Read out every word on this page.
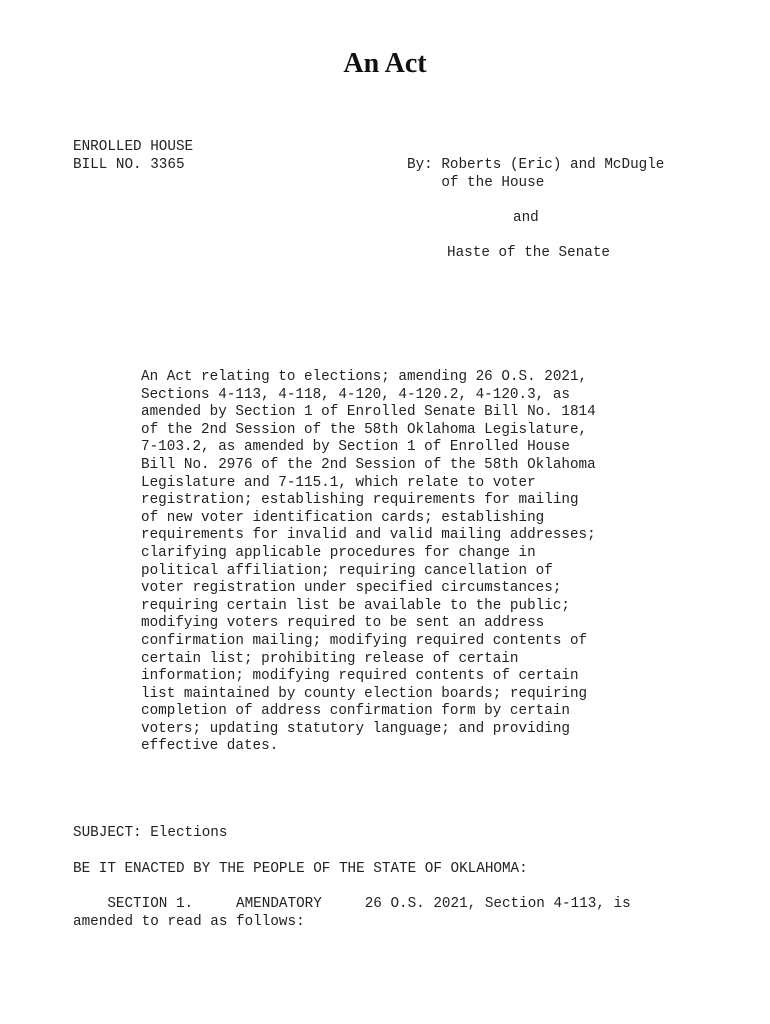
An Act
ENROLLED HOUSE
BILL NO. 3365	By: Roberts (Eric) and McDugle
of the House
and
Haste of the Senate
An Act relating to elections; amending 26 O.S. 2021,
Sections 4-113, 4-118, 4-120, 4-120.2, 4-120.3, as
amended by Section 1 of Enrolled Senate Bill No. 1814
of the 2nd Session of the 58th Oklahoma Legislature,
7-103.2, as amended by Section 1 of Enrolled House
Bill No. 2976 of the 2nd Session of the 58th Oklahoma
Legislature and 7-115.1, which relate to voter
registration; establishing requirements for mailing
of new voter identification cards; establishing
requirements for invalid and valid mailing addresses;
clarifying applicable procedures for change in
political affiliation; requiring cancellation of
voter registration under specified circumstances;
requiring certain list be available to the public;
modifying voters required to be sent an address
confirmation mailing; modifying required contents of
certain list; prohibiting release of certain
information; modifying required contents of certain
list maintained by county election boards; requiring
completion of address confirmation form by certain
voters; updating statutory language; and providing
effective dates.
SUBJECT: Elections
BE IT ENACTED BY THE PEOPLE OF THE STATE OF OKLAHOMA:
SECTION 1.     AMENDATORY     26 O.S. 2021, Section 4-113, is
amended to read as follows:
